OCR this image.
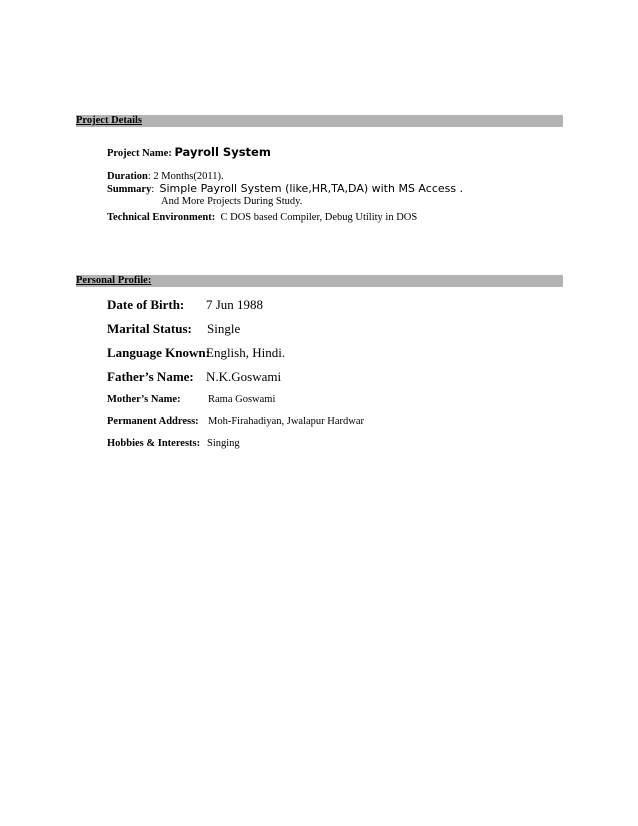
Project Details
Project Name: Payroll System
Duration: 2 Months(2011).
Summary:  Simple Payroll System (like,HR,TA,DA) with MS Access .
And More Projects During Study.
Technical Environment: C DOS based Compiler, Debug Utility in DOS
Personal Profile:
Date of Birth: 7 Jun 1988
Marital Status: Single
Language Known:
English, Hindi.
Father’s Name: N.K.Goswami
Mother’s Name:	Rama Goswami
Permanent Address: Moh-Firahadiyan, Jwalapur Hardwar
Hobbies & Interests: Singing
